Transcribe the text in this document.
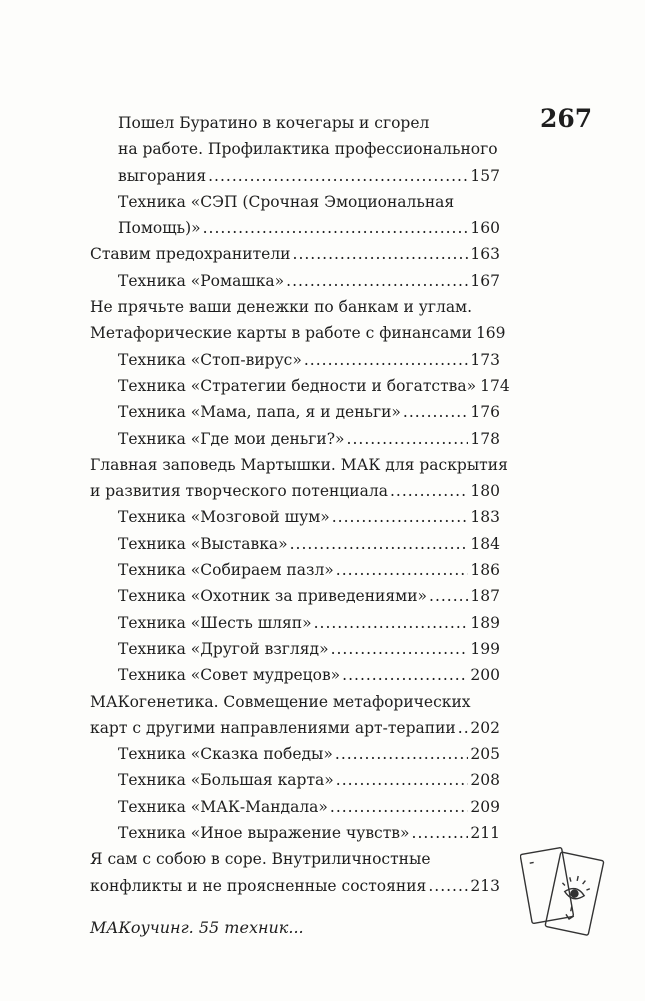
267
Пошел Буратино в кочегары и сгорел
на работе. Профилактика профессионального
выгорания .....	157
Техника «СЭП (Срочная Эмоциональная
Помощь)» .....	160
Ставим предохранители .....	163
Техника «Ромашка» .....	167
Не прячьте ваши денежки по банкам и углам.
Метафорические карты в работе с финансами 169
Техника «Стоп-вирус» .....	173
Техника «Стратегии бедности и богатства» 174
Техника «Мама, папа, я и деньги» .....	176
Техника «Где мои деньги?» .....	178
Главная заповедь Мартышки. МАК для раскрытия
и развития творческого потенциала .....	180
Техника «Мозговой шум» .....	183
Техника «Выставка» .....	184
Техника «Собираем пазл» .....	186
Техника «Охотник за приведениями» .....	187
Техника «Шесть шляп» .....	189
Техника «Другой взгляд» .....	199
Техника «Совет мудрецов» .....	200
МАКогенетика. Совмещение метафорических
карт с другими направлениями арт-терапии ..... 202
Техника «Сказка победы» .....	205
Техника «Большая карта» .....	208
Техника «МАК-Мандала» .....	209
Техника «Иное выражение чувств» .....	211
Я сам с собою в соре. Внутриличностные
конфликты и не проясненные состояния .....	213
МАКоучинг. 55 техник...
